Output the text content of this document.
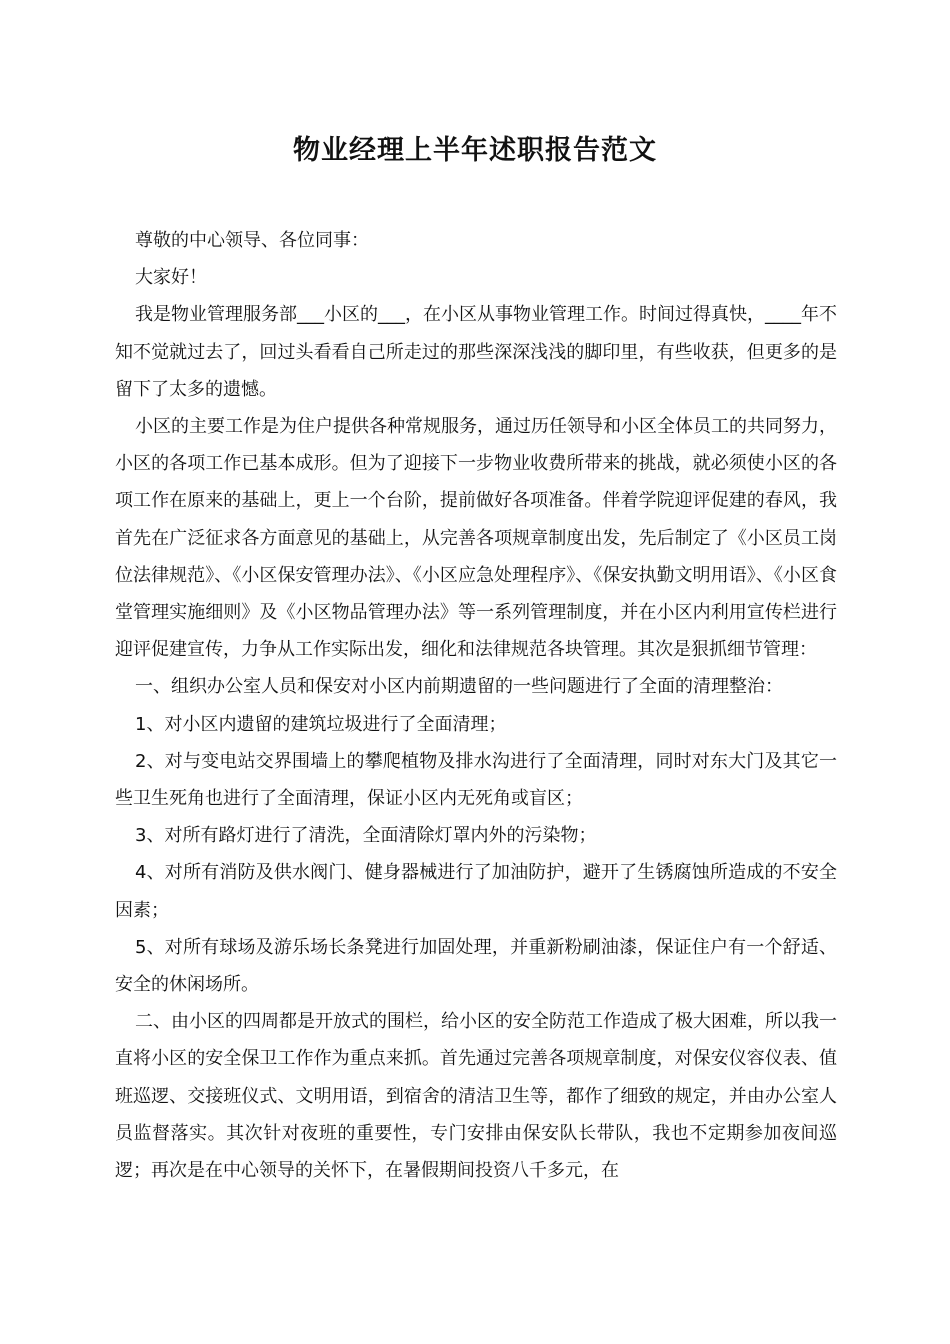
物业经理上半年述职报告范文

尊敬的中心领导、各位同事：

大家好！

我是物业管理服务部___小区的___，在小区从事物业管理工作。时间过得真快，____年不知不觉就过去了，回过头看看自己所走过的那些深深浅浅的脚印里，有些收获，但更多的是留下了太多的遗憾。

小区的主要工作是为住户提供各种常规服务，通过历任领导和小区全体员工的共同努力，小区的各项工作已基本成形。但为了迎接下一步物业收费所带来的挑战，就必须使小区的各项工作在原来的基础上，更上一个台阶，提前做好各项准备。伴着学院迎评促建的春风，我首先在广泛征求各方面意见的基础上，从完善各项规章制度出发，先后制定了《小区员工岗位法律规范》、《小区保安管理办法》、《小区应急处理程序》、《保安执勤文明用语》、《小区食堂管理实施细则》及《小区物品管理办法》等一系列管理制度，并在小区内利用宣传栏进行迎评促建宣传，力争从工作实际出发，细化和法律规范各块管理。其次是狠抓细节管理：

一、组织办公室人员和保安对小区内前期遗留的一些问题进行了全面的清理整治：

1、对小区内遗留的建筑垃圾进行了全面清理；

2、对与变电站交界围墙上的攀爬植物及排水沟进行了全面清理，同时对东大门及其它一些卫生死角也进行了全面清理，保证小区内无死角或盲区；

3、对所有路灯进行了清洗，全面清除灯罩内外的污染物；

4、对所有消防及供水阀门、健身器械进行了加油防护，避开了生锈腐蚀所造成的不安全因素；

5、对所有球场及游乐场长条凳进行加固处理，并重新粉刷油漆，保证住户有一个舒适、安全的休闲场所。

二、由小区的四周都是开放式的围栏，给小区的安全防范工作造成了极大困难，所以我一直将小区的安全保卫工作作为重点来抓。首先通过完善各项规章制度，对保安仪容仪表、值班巡逻、交接班仪式、文明用语，到宿舍的清洁卫生等，都作了细致的规定，并由办公室人员监督落实。其次针对夜班的重要性，专门安排由保安队长带队，我也不定期参加夜间巡逻；再次是在中心领导的关怀下，在暑假期间投资八千多元，在
